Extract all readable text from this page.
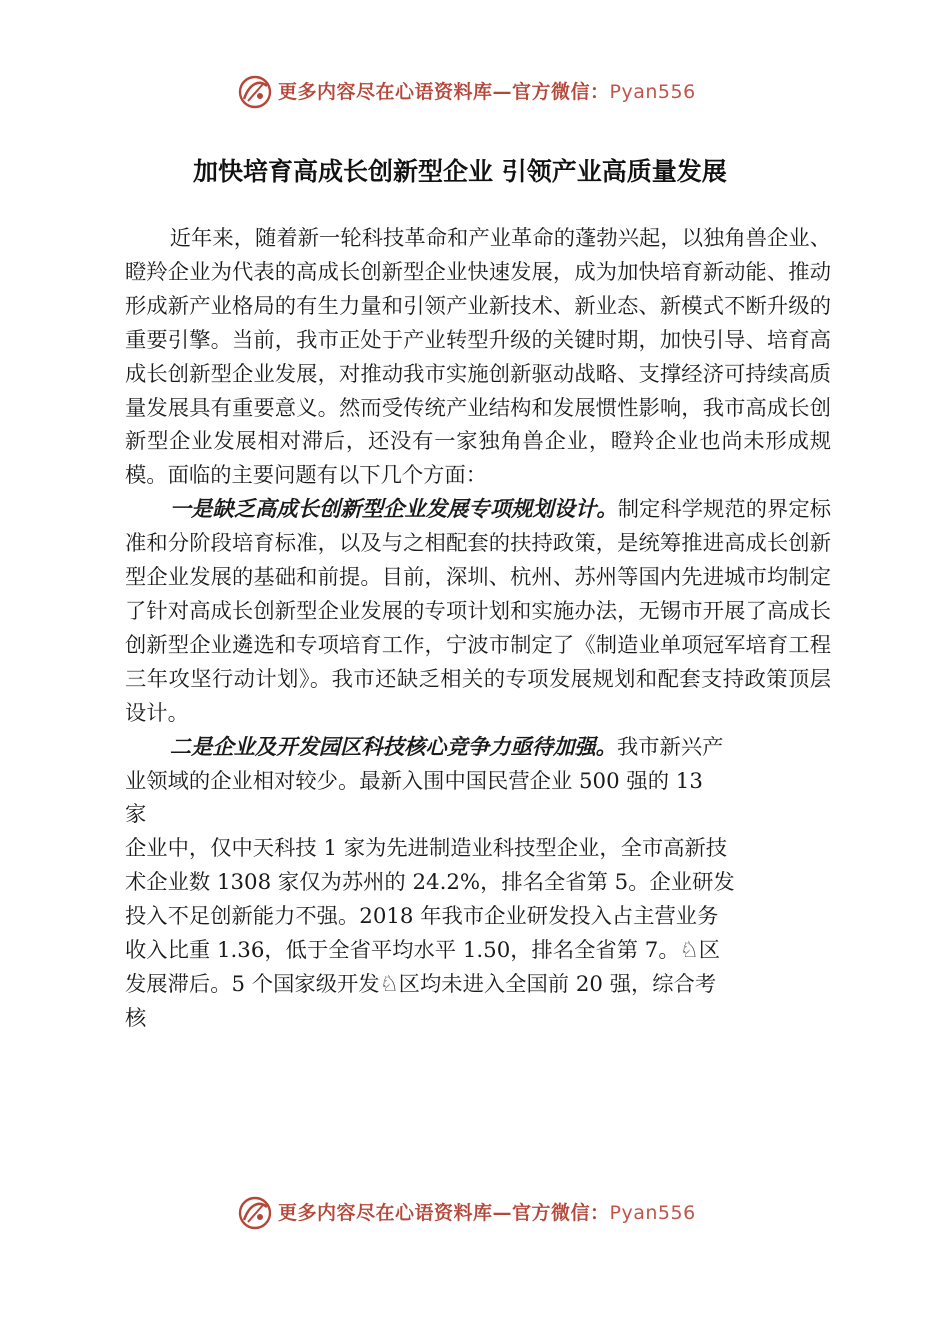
更多内容尽在心语资料库—官方微信：Pyan556
加快培育高成长创新型企业 引领产业高质量发展

近年来，随着新一轮科技革命和产业革命的蓬勃兴起，以独角兽企业、瞪羚企业为代表的高成长创新型企业快速发展，成为加快培育新动能、推动形成新产业格局的有生力量和引领产业新技术、新业态、新模式不断升级的重要引擎。当前，我市正处于产业转型升级的关键时期，加快引导、培育高成长创新型企业发展，对推动我市实施创新驱动战略、支撑经济可持续高质量发展具有重要意义。然而受传统产业结构和发展惯性影响，我市高成长创新型企业发展相对滞后，还没有一家独角兽企业，瞪羚企业也尚未形成规模。面临的主要问题有以下几个方面：

一是缺乏高成长创新型企业发展专项规划设计。制定科学规范的界定标准和分阶段培育标准，以及与之相配套的扶持政策，是统筹推进高成长创新型企业发展的基础和前提。目前，深圳、杭州、苏州等国内先进城市均制定了针对高成长创新型企业发展的专项计划和实施办法，无锡市开展了高成长创新型企业遴选和专项培育工作，宁波市制定了《制造业单项冠军培育工程三年攻坚行动计划》。我市还缺乏相关的专项发展规划和配套支持政策顶层设计。

二是企业及开发园区科技核心竞争力亟待加强。我市新兴产
业领域的企业相对较少。最新入围中国民营企业 500 强的 13
家
企业中，仅中天科技 1 家为先进制造业科技型企业，全市高新技
术企业数 1308 家仅为苏州的 24.2%，排名全省第 5。企业研发
投入不足创新能力不强。2018 年我市企业研发投入占主营业务
收入比重 1.36，低于全省平均水平 1.50，排名全省第 7。♘区
发展滞后。5 个国家级开发♘区均未进入全国前 20 强，综合考
核
更多内容尽在心语资料库—官方微信：Pyan556
